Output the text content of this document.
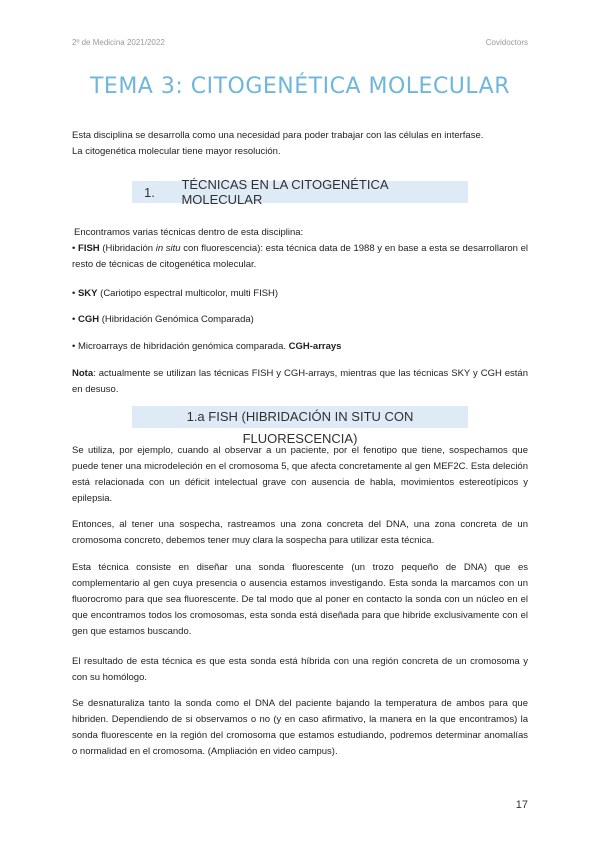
2º de Medicina 2021/2022	Covidoctors
TEMA 3: CITOGENÉTICA MOLECULAR
Esta disciplina se desarrolla como una necesidad para poder trabajar con las células en interfase.
La citogenética molecular tiene mayor resolución.
1.	TÉCNICAS EN LA CITOGENÉTICA MOLECULAR
Encontramos varias técnicas dentro de esta disciplina:
• FISH (Hibridación in situ con fluorescencia): esta técnica data de 1988 y en base a esta se desarrollaron el resto de técnicas de citogenética molecular.
• SKY (Cariotipo espectral multicolor, multi FISH)
• CGH (Hibridación Genómica Comparada)
• Microarrays de hibridación genómica comparada. CGH-arrays
Nota: actualmente se utilizan las técnicas FISH y CGH-arrays, mientras que las técnicas SKY y CGH están en desuso.
1.a FISH (HIBRIDACIÓN IN SITU CON FLUORESCENCIA)
Se utiliza, por ejemplo, cuando al observar a un paciente, por el fenotipo que tiene, sospechamos que puede tener una microdeleción en el cromosoma 5, que afecta concretamente al gen MEF2C. Esta deleción está relacionada con un déficit intelectual grave con ausencia de habla, movimientos estereotípicos y epilepsia.
Entonces, al tener una sospecha, rastreamos una zona concreta del DNA, una zona concreta de un cromosoma concreto, debemos tener muy clara la sospecha para utilizar esta técnica.
Esta técnica consiste en diseñar una sonda fluorescente (un trozo pequeño de DNA) que es complementario al gen cuya presencia o ausencia estamos investigando. Esta sonda la marcamos con un fluorocromo para que sea fluorescente. De tal modo que al poner en contacto la sonda con un núcleo en el que encontramos todos los cromosomas, esta sonda está diseñada para que hibride exclusivamente con el gen que estamos buscando.
El resultado de esta técnica es que esta sonda está híbrida con una región concreta de un cromosoma y con su homólogo.
Se desnaturaliza tanto la sonda como el DNA del paciente bajando la temperatura de ambos para que hibriden. Dependiendo de si observamos o no (y en caso afirmativo, la manera en la que encontramos) la sonda fluorescente en la región del cromosoma que estamos estudiando, podremos determinar anomalías o normalidad en el cromosoma. (Ampliación en video campus).
17
